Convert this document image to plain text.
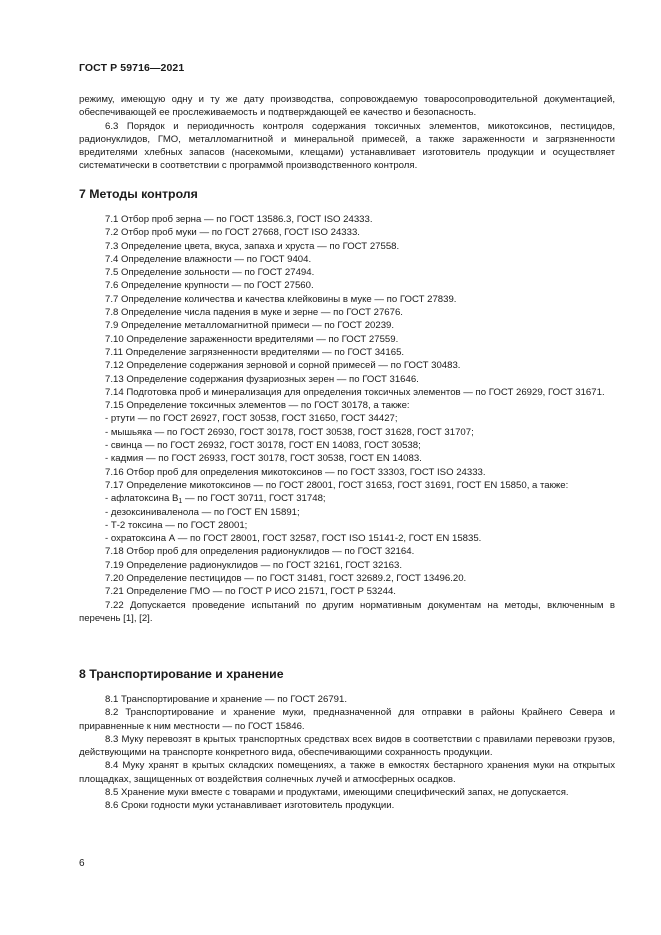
ГОСТ Р 59716—2021

режиму, имеющую одну и ту же дату производства, сопровождаемую товаросопроводительной документацией, обеспечивающей ее прослеживаемость и подтверждающей ее качество и безопасность.

6.3 Порядок и периодичность контроля содержания токсичных элементов, микотоксинов, пестицидов, радионуклидов, ГМО, металломагнитной и минеральной примесей, а также зараженности и загрязненности вредителями хлебных запасов (насекомыми, клещами) устанавливает изготовитель продукции и осуществляет систематически в соответствии с программой производственного контроля.

7 Методы контроля
7.1 Отбор проб зерна — по ГОСТ 13586.3, ГОСТ ISO 24333.
7.2 Отбор проб муки — по ГОСТ 27668, ГОСТ ISO 24333.
7.3 Определение цвета, вкуса, запаха и хруста — по ГОСТ 27558.
7.4 Определение влажности — по ГОСТ 9404.
7.5 Определение зольности — по ГОСТ 27494.
7.6 Определение крупности — по ГОСТ 27560.
7.7 Определение количества и качества клейковины в муке — по ГОСТ 27839.
7.8 Определение числа падения в муке и зерне — по ГОСТ 27676.
7.9 Определение металломагнитной примеси — по ГОСТ 20239.
7.10 Определение зараженности вредителями — по ГОСТ 27559.
7.11 Определение загрязненности вредителями — по ГОСТ 34165.
7.12 Определение содержания зерновой и сорной примесей — по ГОСТ 30483.
7.13 Определение содержания фузариозных зерен — по ГОСТ 31646.

7.14 Подготовка проб и минерализация для определения токсичных элементов — по ГОСТ 26929, ГОСТ 31671.

7.15 Определение токсичных элементов — по ГОСТ 30178, а также:
- ртути — по ГОСТ 26927, ГОСТ 30538, ГОСТ 31650, ГОСТ 34427;
- мышьяка — по ГОСТ 26930, ГОСТ 30178, ГОСТ 30538, ГОСТ 31628, ГОСТ 31707;
- свинца — по ГОСТ 26932, ГОСТ 30178, ГОСТ EN 14083, ГОСТ 30538;
- кадмия — по ГОСТ 26933, ГОСТ 30178, ГОСТ 30538, ГОСТ EN 14083.
7.16 Отбор проб для определения микотоксинов — по ГОСТ 33303, ГОСТ ISO 24333.

7.17 Определение микотоксинов — по ГОСТ 28001, ГОСТ 31653, ГОСТ 31691, ГОСТ EN 15850, а также:

- афлатоксина $В_1$ — по ГОСТ 30711, ГОСТ 31748;
- дезоксиниваленола — по ГОСТ EN 15891;
- Т-2 токсина — по ГОСТ 28001;
- охратоксина А — по ГОСТ 28001, ГОСТ 32587, ГОСТ ISO 15141-2, ГОСТ EN 15835.
7.18 Отбор проб для определения радионуклидов — по ГОСТ 32164.
7.19 Определение радионуклидов — по ГОСТ 32161, ГОСТ 32163.
7.20 Определение пестицидов — по ГОСТ 31481, ГОСТ 32689.2, ГОСТ 13496.20.
7.21 Определение ГМО — по ГОСТ Р ИСО 21571, ГОСТ Р 53244.

7.22 Допускается проведение испытаний по другим нормативным документам на методы, включенным в перечень [1], [2].

8 Транспортирование и хранение

8.1 Транспортирование и хранение — по ГОСТ 26791.

8.2 Транспортирование и хранение муки, предназначенной для отправки в районы Крайнего Севера и приравненные к ним местности — по ГОСТ 15846.

8.3 Муку перевозят в крытых транспортных средствах всех видов в соответствии с правилами перевозки грузов, действующими на транспорте конкретного вида, обеспечивающими сохранность продукции.

8.4 Муку хранят в крытых складских помещениях, а также в емкостях бестарного хранения муки на открытых площадках, защищенных от воздействия солнечных лучей и атмосферных осадков.

8.5 Хранение муки вместе с товарами и продуктами, имеющими специфический запах, не допускается.

8.6 Сроки годности муки устанавливает изготовитель продукции.

6
